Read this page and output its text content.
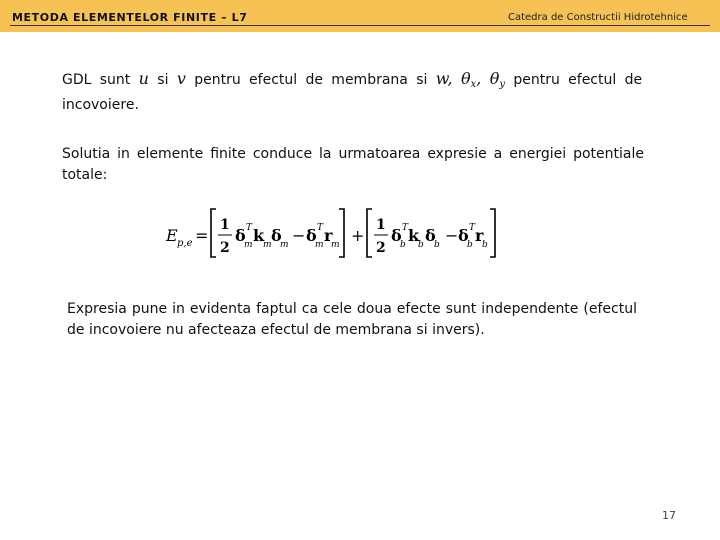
METODA ELEMENTELOR FINITE – L7	Catedra de Constructii Hidrotehnice
GDL sunt u si v pentru efectul de membrana si w, $\theta_x$, $\theta_y$ pentru efectul de incovoiere.
Solutia in elemente finite conduce la urmatoarea expresie a energiei potentiale totale:
E p,e =
1
2
δ
m
T k
m δ
m − δ
m
T r
m +
1
2
δ
b
T k
b δ
b − δ
b
T r
b
Expresia pune in evidenta faptul ca cele doua efecte sunt independente (efectul de incovoiere nu afecteaza efectul de membrana si invers).
17
